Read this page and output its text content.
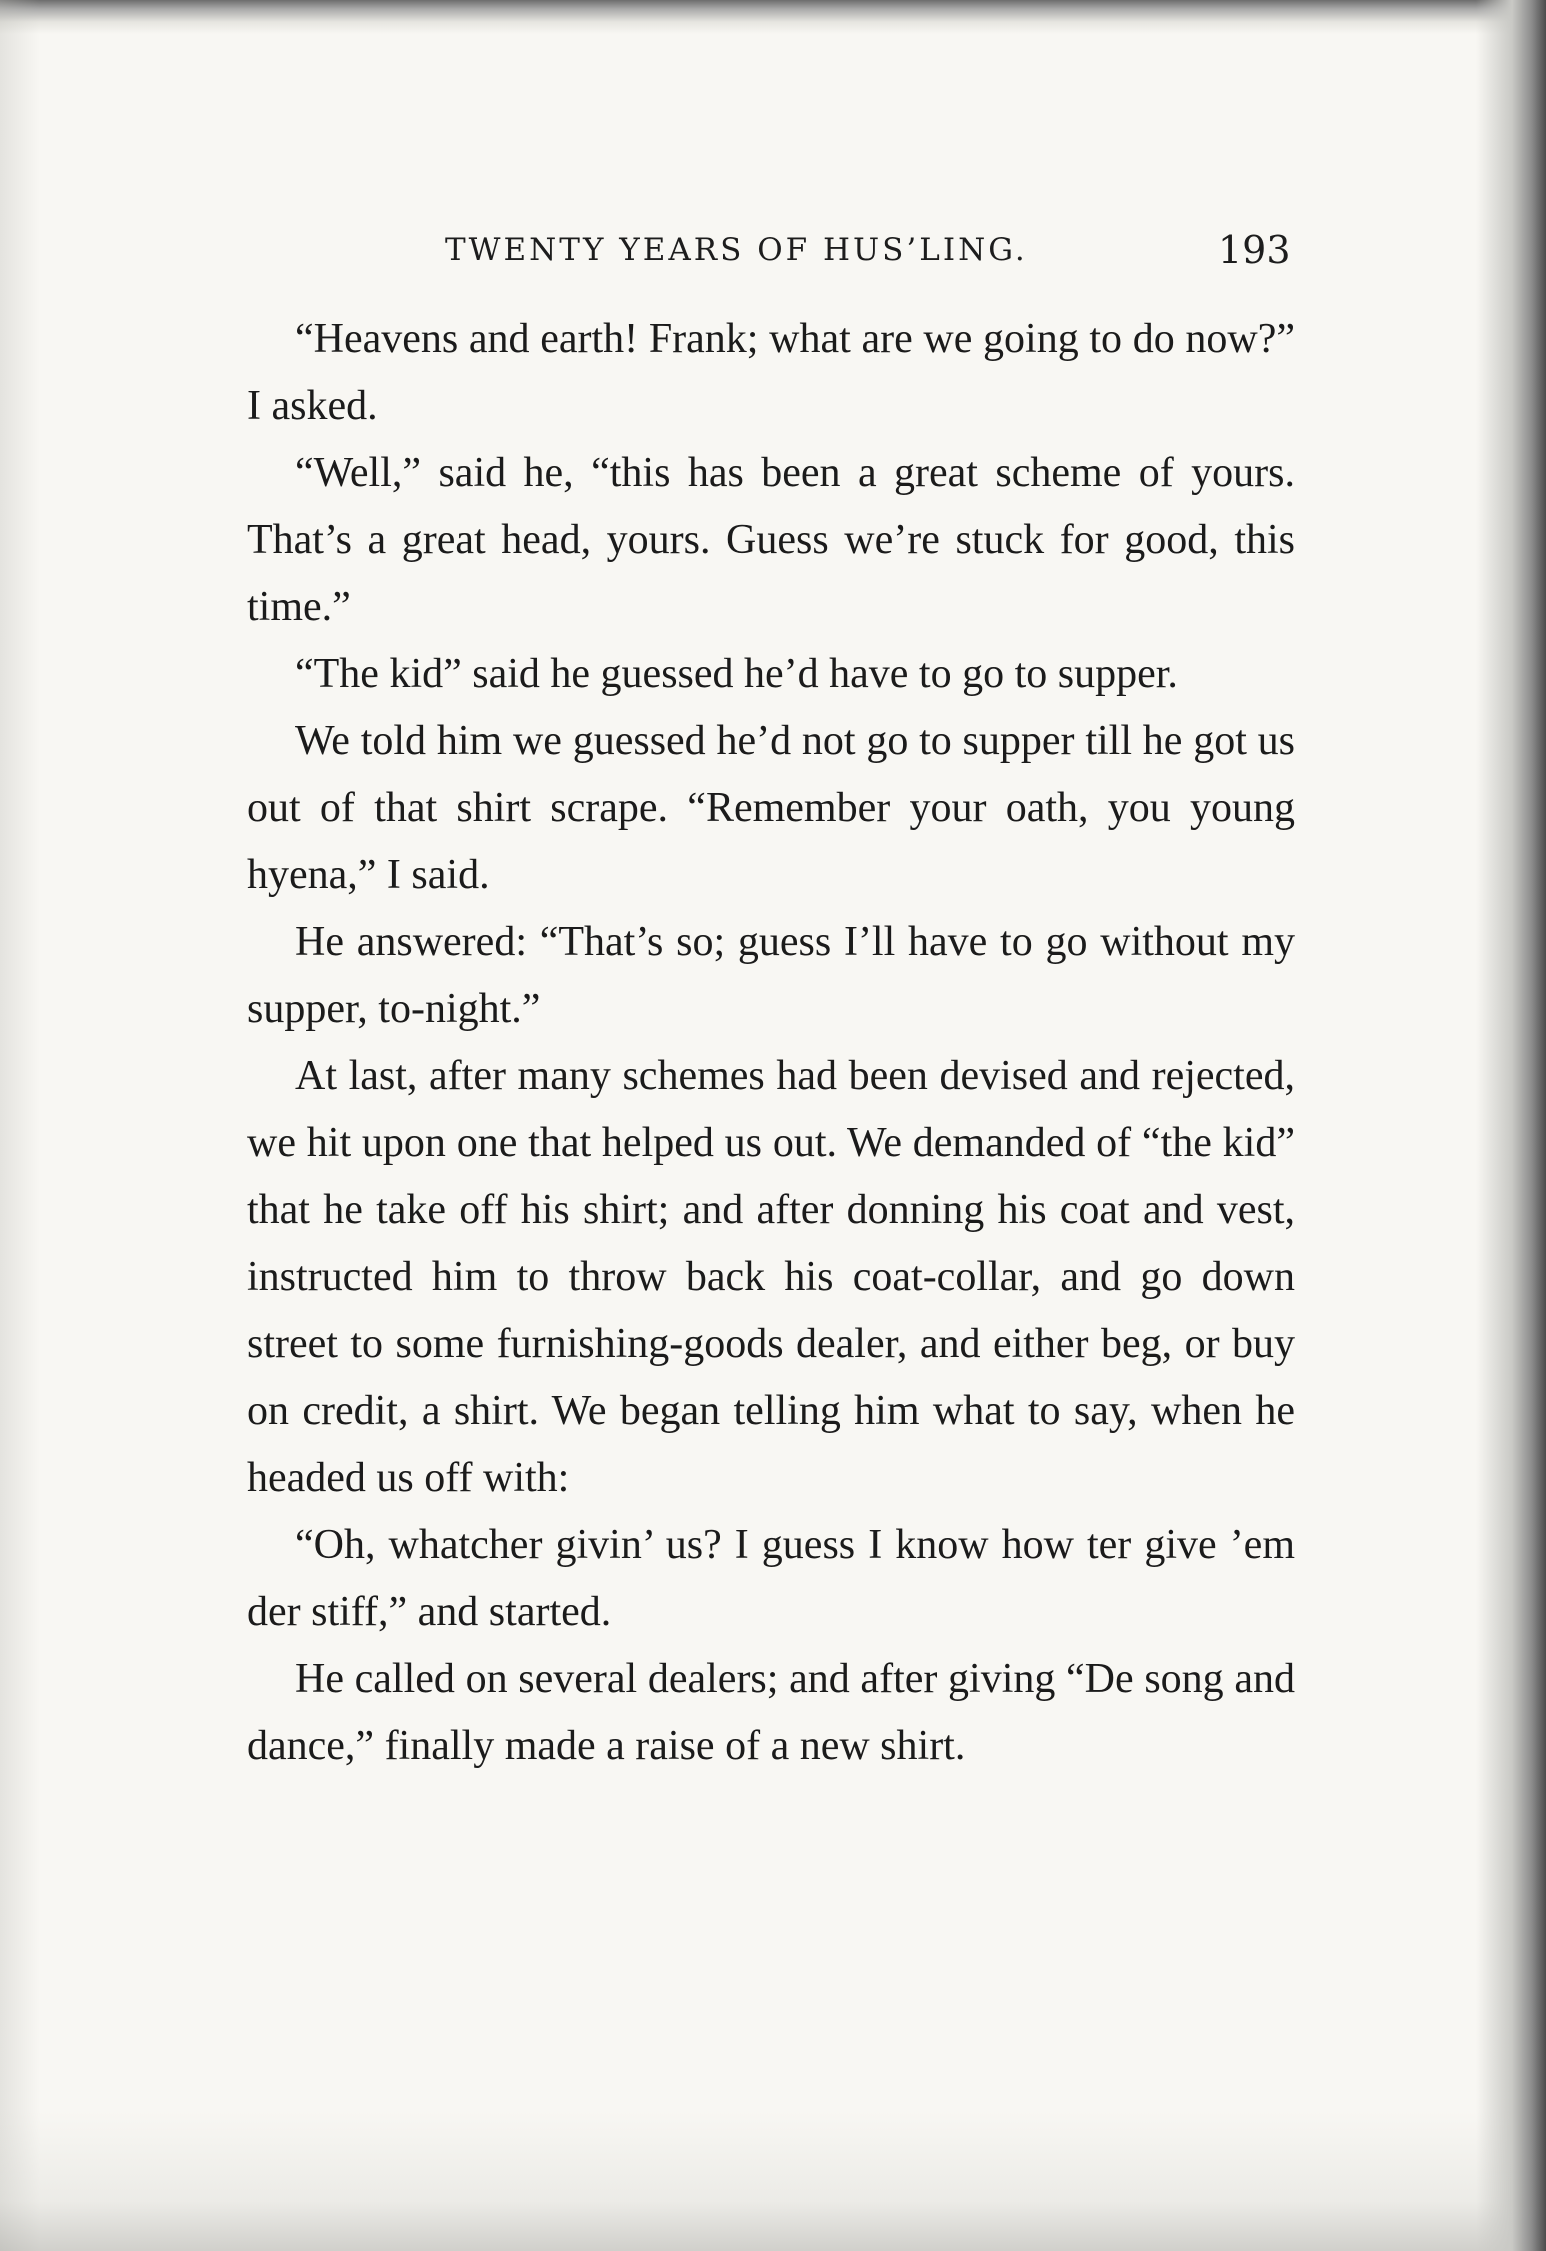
TWENTY YEARS OF HUS’LING.	193

“Heavens and earth! Frank; what are we going to do now?” I asked.

“Well,” said he, “this has been a great scheme of yours. That’s a great head, yours. Guess we’re stuck for good, this time.”

“The kid” said he guessed he’d have to go to supper.

We told him we guessed he’d not go to supper till he got us out of that shirt scrape. “Remember your oath, you young hyena,” I said.

He answered: “That’s so; guess I’ll have to go without my supper, to-night.”

At last, after many schemes had been devised and rejected, we hit upon one that helped us out. We demanded of “the kid” that he take off his shirt; and after donning his coat and vest, instructed him to throw back his coat-collar, and go down street to some furnishing-goods dealer, and either beg, or buy on credit, a shirt. We began telling him what to say, when he headed us off with:

“Oh, whatcher givin’ us? I guess I know how ter give ’em der stiff,” and started.

He called on several dealers; and after giving “De song and dance,” finally made a raise of a new shirt.
